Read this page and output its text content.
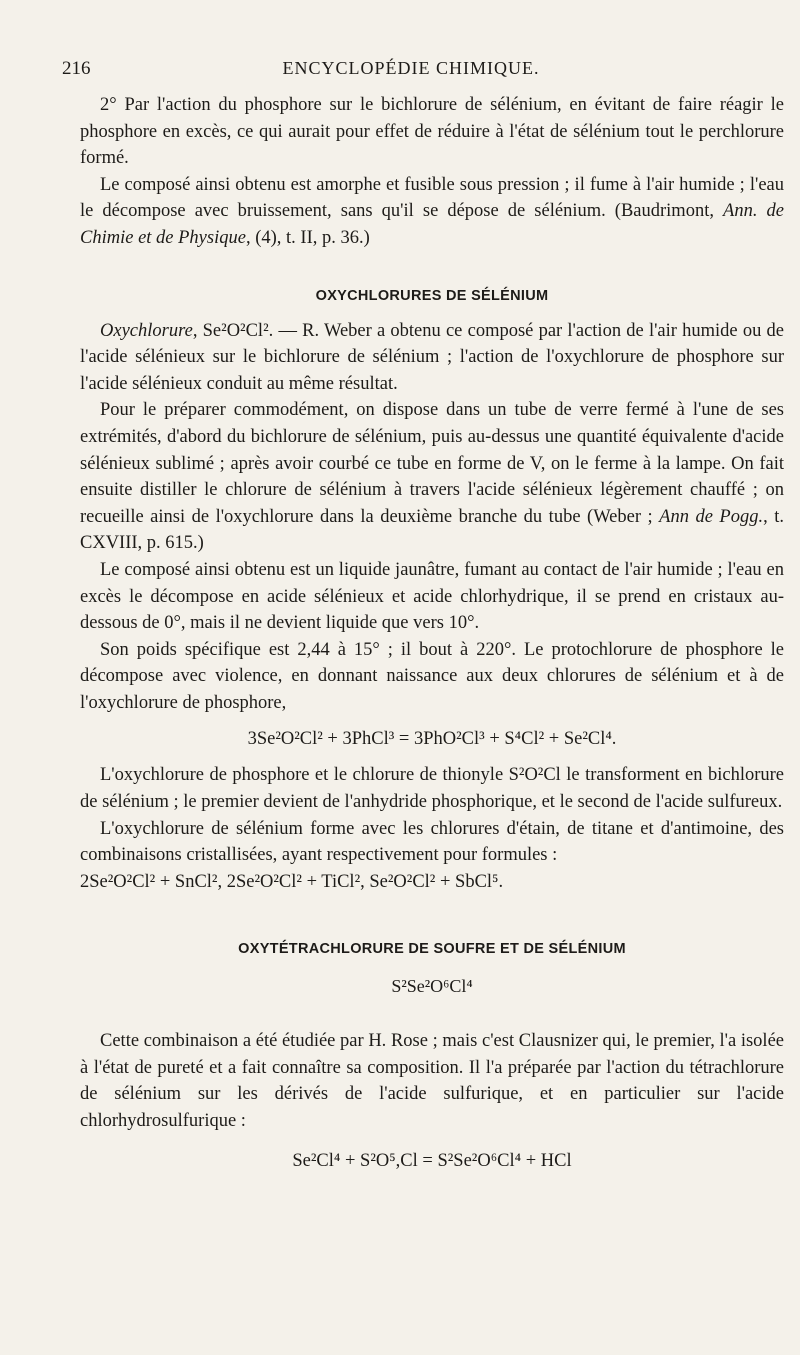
216	ENCYCLOPÉDIE CHIMIQUE.

2° Par l'action du phosphore sur le bichlorure de sélénium, en évitant de faire réagir le phosphore en excès, ce qui aurait pour effet de réduire à l'état de sélénium tout le perchlorure formé.

Le composé ainsi obtenu est amorphe et fusible sous pression ; il fume à l'air humide ; l'eau le décompose avec bruissement, sans qu'il se dépose de sélénium. (Baudrimont, Ann. de Chimie et de Physique, (4), t. II, p. 36.)

OXYCHLORURES DE SÉLÉNIUM

Oxychlorure, Se²O²Cl². — R. Weber a obtenu ce composé par l'action de l'air humide ou de l'acide sélénieux sur le bichlorure de sélénium ; l'action de l'oxychlorure de phosphore sur l'acide sélénieux conduit au même résultat.

Pour le préparer commodément, on dispose dans un tube de verre fermé à l'une de ses extrémités, d'abord du bichlorure de sélénium, puis au-dessus une quantité équivalente d'acide sélénieux sublimé ; après avoir courbé ce tube en forme de V, on le ferme à la lampe. On fait ensuite distiller le chlorure de sélénium à travers l'acide sélénieux légèrement chauffé ; on recueille ainsi de l'oxychlorure dans la deuxième branche du tube (Weber ; Ann de Pogg., t. CXVIII, p. 615.)

Le composé ainsi obtenu est un liquide jaunâtre, fumant au contact de l'air humide ; l'eau en excès le décompose en acide sélénieux et acide chlorhydrique, il se prend en cristaux au-dessous de 0°, mais il ne devient liquide que vers 10°.

Son poids spécifique est 2,44 à 15° ; il bout à 220°. Le protochlorure de phosphore le décompose avec violence, en donnant naissance aux deux chlorures de sélénium et à de l'oxychlorure de phosphore,

3Se²O²Cl² + 3PhCl³ = 3PhO²Cl³ + S⁴Cl² + Se²Cl⁴.

L'oxychlorure de phosphore et le chlorure de thionyle S²O²Cl le transforment en bichlorure de sélénium ; le premier devient de l'anhydride phosphorique, et le second de l'acide sulfureux.

L'oxychlorure de sélénium forme avec les chlorures d'étain, de titane et d'antimoine, des combinaisons cristallisées, ayant respectivement pour formules :

2Se²O²Cl² + SnCl², 2Se²O²Cl² + TiCl², Se²O²Cl² + SbCl⁵.

OXYTÉTRACHLORURE DE SOUFRE ET DE SÉLÉNIUM

S²Se²O⁶Cl⁴

Cette combinaison a été étudiée par H. Rose ; mais c'est Clausnizer qui, le premier, l'a isolée à l'état de pureté et a fait connaître sa composition. Il l'a préparée par l'action du tétrachlorure de sélénium sur les dérivés de l'acide sulfurique, et en particulier sur l'acide chlorhydrosulfurique :

Se²Cl⁴ + S²O⁵,Cl = S²Se²O⁶Cl⁴ + HCl
